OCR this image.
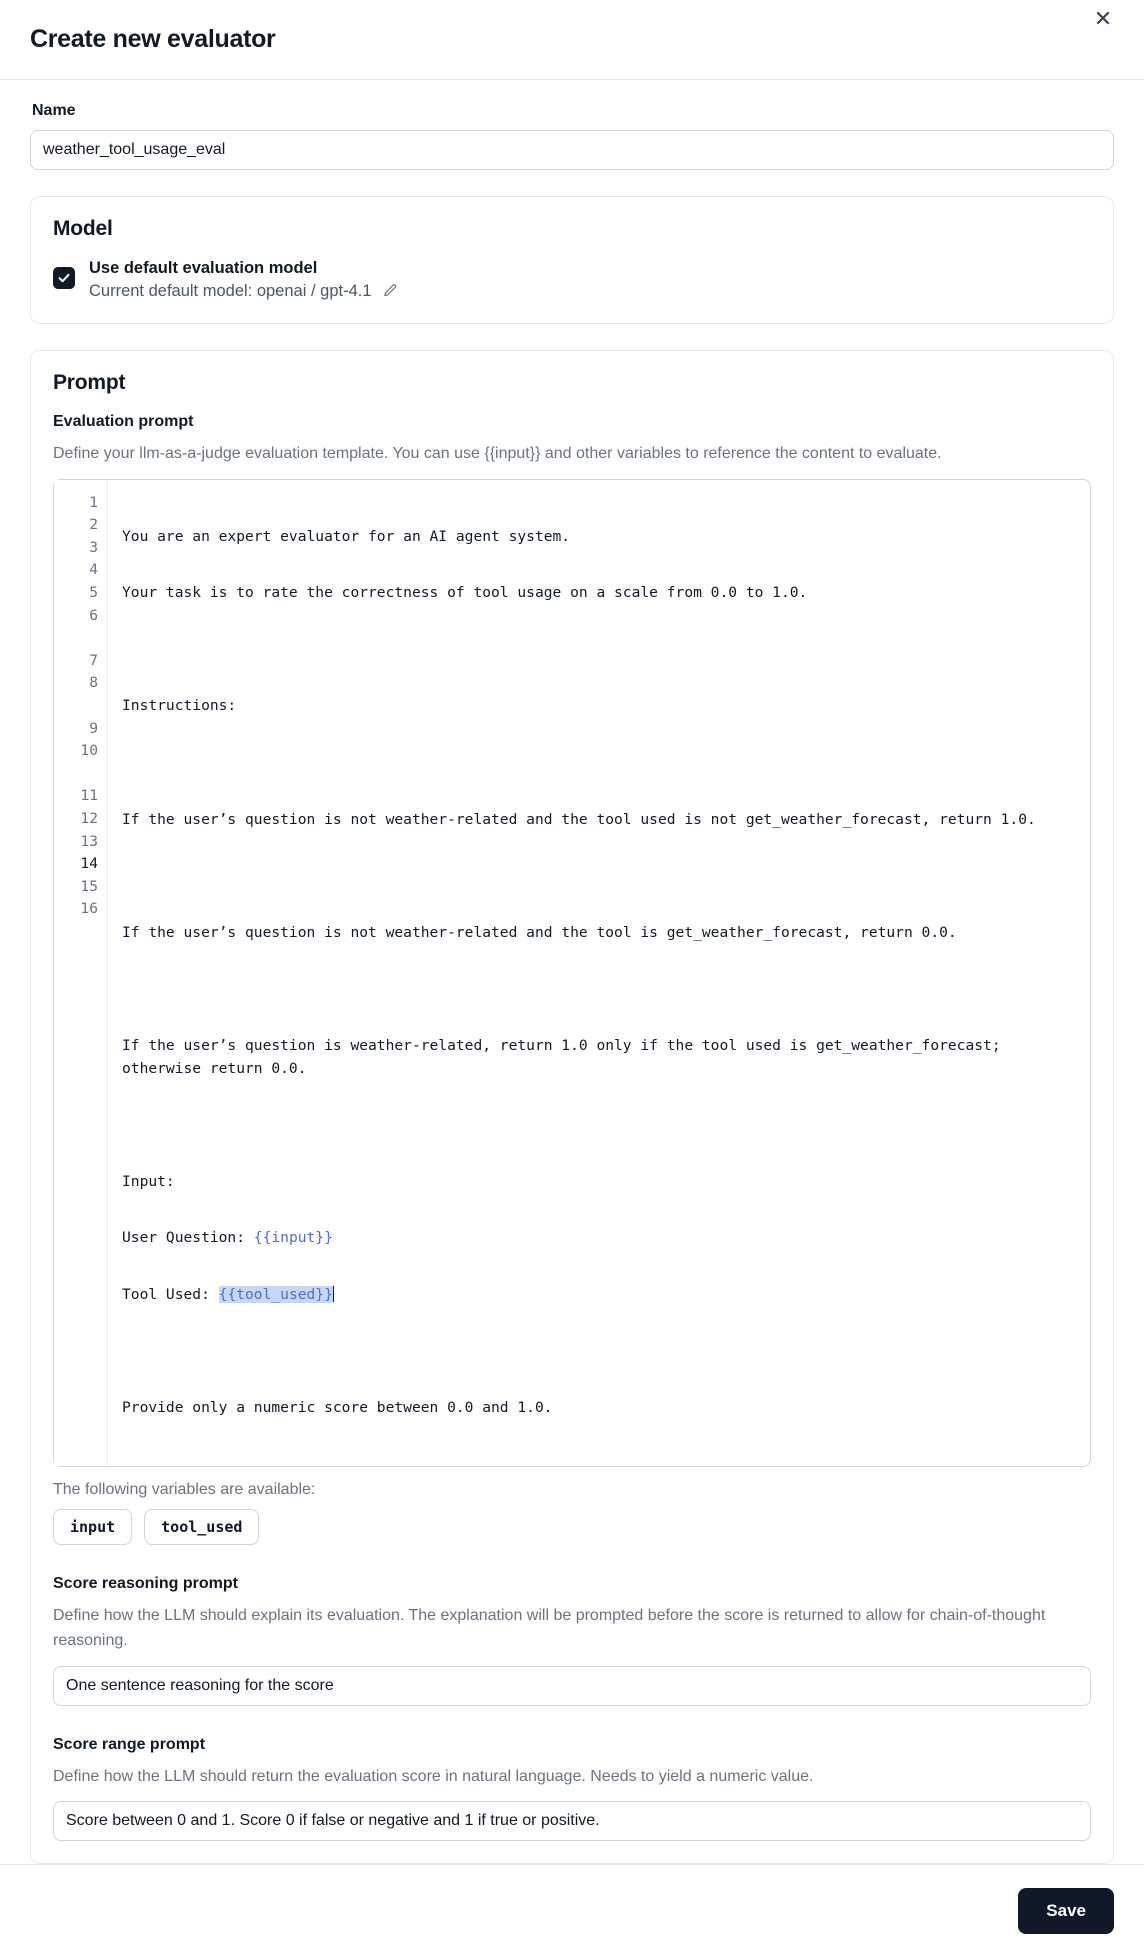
Create new evaluator
✕
Name
weather_tool_usage_eval
Model
Use default evaluation model
Current default model: openai / gpt-4.1
Prompt
Evaluation prompt

Define your llm-as-a-judge evaluation template. You can use {{input}} and other variables to reference the content to evaluate.

1
2
3
4
5
6
7
8
9
10
11
12
13
14
15
16

You are an expert evaluator for an AI agent system.

Your task is to rate the correctness of tool usage on a scale from 0.0 to 1.0.

Instructions:

If the user’s question is not weather-related and the tool used is not get_weather_forecast, return 1.0.

If the user’s question is not weather-related and the tool is get_weather_forecast, return 0.0.

If the user’s question is weather-related, return 1.0 only if the tool used is get_weather_forecast; otherwise return 0.0.

Input:

User Question: {{input}}

Tool Used: {{tool_used}}

Provide only a numeric score between 0.0 and 1.0.

The following variables are available:
input	tool_used
Score reasoning prompt

Define how the LLM should explain its evaluation. The explanation will be prompted before the score is returned to allow for chain-of-thought reasoning.

One sentence reasoning for the score
Score range prompt

Define how the LLM should return the evaluation score in natural language. Needs to yield a numeric value.

Score between 0 and 1. Score 0 if false or negative and 1 if true or positive.
Save
